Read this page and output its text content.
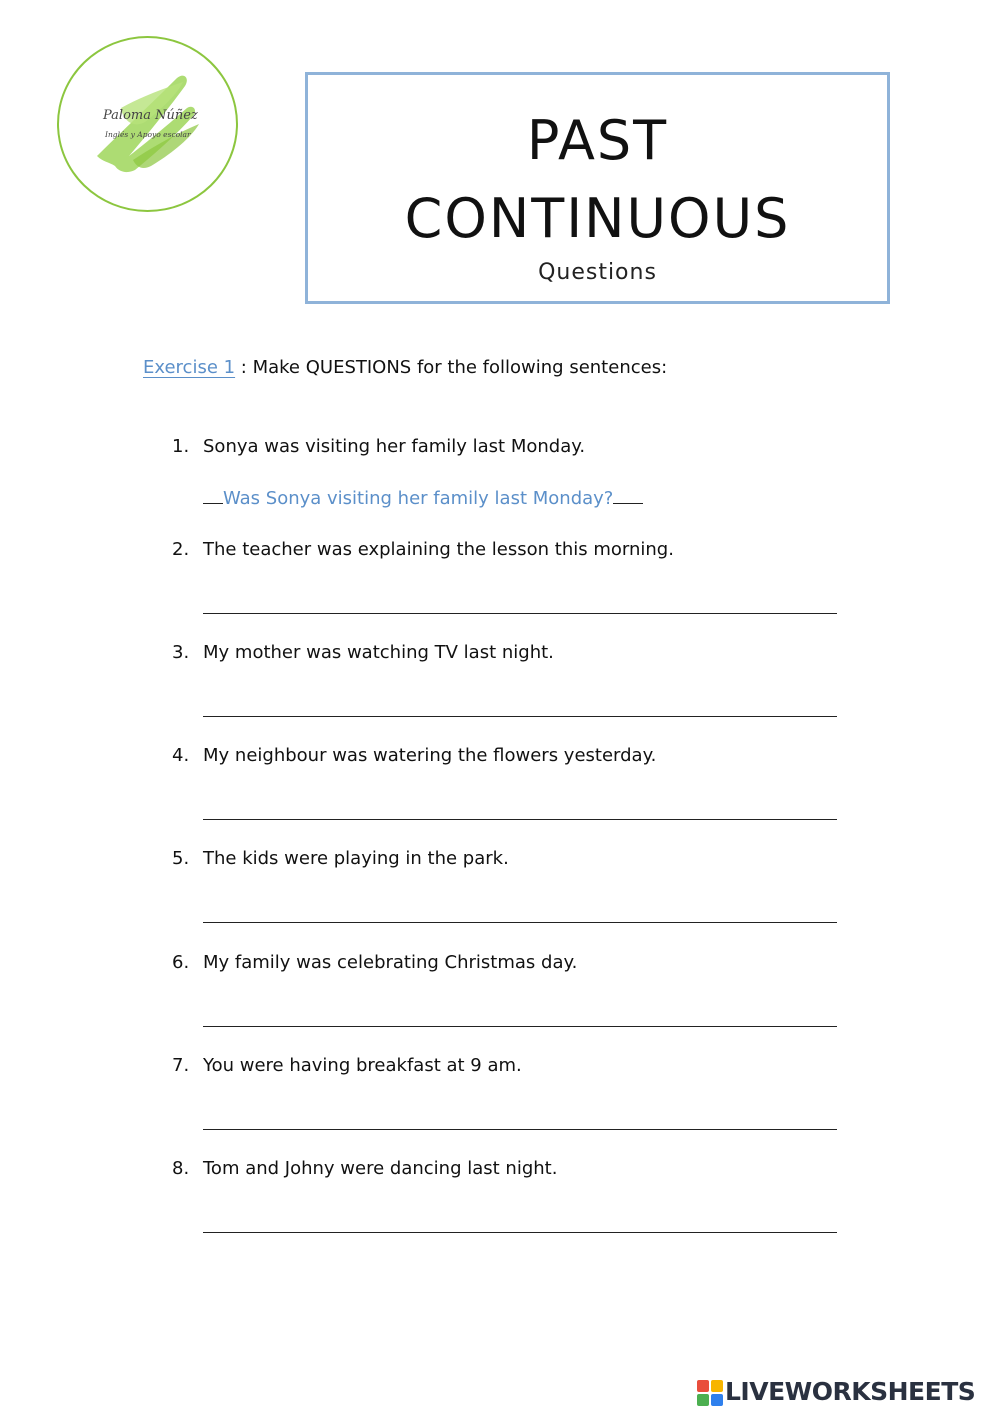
Paloma Núñez
Inglés y Apoyo escolar	PAST
CONTINUOUS
Questions
Exercise 1 : Make QUESTIONS for the following sentences:
1. Sonya was visiting her family last Monday.
Was Sonya visiting her family last Monday?
2. The teacher was explaining the lesson this morning.
3. My mother was watching TV last night.
4. My neighbour was watering the flowers yesterday.
5. The kids were playing in the park.
6. My family was celebrating Christmas day.
7. You were having breakfast at 9 am.
8. Tom and Johny were dancing last night.
LIVEWORKSHEETS
